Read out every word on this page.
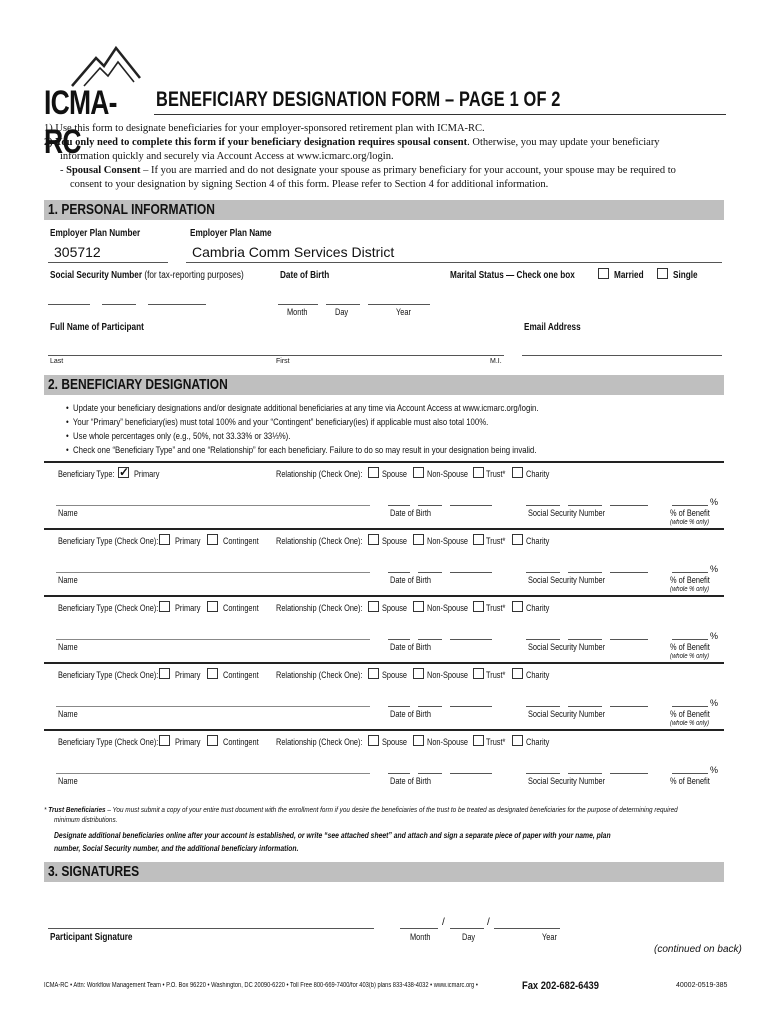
ICMA-RC
BENEFICIARY DESIGNATION FORM – PAGE 1 OF 2
1) Use this form to designate beneficiaries for your employer-sponsored retirement plan with ICMA-RC.
2) You only need to complete this form if your beneficiary designation requires spousal consent. Otherwise, you may update your beneficiary
information quickly and securely via Account Access at www.icmarc.org/login.
- Spousal Consent – If you are married and do not designate your spouse as primary beneficiary for your account, your spouse may be required to
consent to your designation by signing Section 4 of this form. Please refer to Section 4 for additional information.
1. PERSONAL INFORMATION
Employer Plan Number	Employer Plan Name
305712	Cambria Comm Services District
Social Security Number (for tax-reporting purposes)	Date of Birth	Marital Status — Check one box	Married	Single
Month	Day	Year
Full Name of Participant	Email Address
Last	First	M.I.
2. BENEFICIARY DESIGNATION
•  Update your beneficiary designations and/or designate additional beneficiaries at any time via Account Access at www.icmarc.org/login.
•  Your “Primary” beneficiary(ies) must total 100% and your “Contingent” beneficiary(ies) if applicable must also total 100%.
•  Use whole percentages only (e.g., 50%, not 33.33% or 33⅓%).
•  Check one “Beneficiary Type” and one “Relationship” for each beneficiary. Failure to do so may result in your designation being invalid.
Beneficiary Type: ✓ Primary	Relationship (Check One): Spouse Non-Spouse Trust* Charity
%
Name	Date of Birth	Social Security Number	% of Benefit
(whole % only)
Beneficiary Type (Check One): Primary	Contingent Relationship (Check One): Spouse Non-Spouse Trust* Charity
%
Name	Date of Birth	Social Security Number	% of Benefit
(whole % only)
Beneficiary Type (Check One): Primary	Contingent Relationship (Check One): Spouse Non-Spouse Trust* Charity
%
Name	Date of Birth	Social Security Number	% of Benefit
(whole % only)
Beneficiary Type (Check One): Primary	Contingent Relationship (Check One): Spouse Non-Spouse Trust* Charity
%
Name	Date of Birth	Social Security Number	% of Benefit
(whole % only)
Beneficiary Type (Check One): Primary	Contingent Relationship (Check One): Spouse Non-Spouse Trust* Charity
%
Name	Date of Birth	Social Security Number	% of Benefit
* Trust Beneficiaries – You must submit a copy of your entire trust document with the enrollment form if you desire the beneficiaries of the trust to be treated as designated beneficiaries for the purpose of determining required
minimum distributions.
Designate additional beneficiaries online after your account is established, or write “see attached sheet” and attach and sign a separate piece of paper with your name, plan
number, Social Security number, and the additional beneficiary information.
3. SIGNATURES
/	/
Participant Signature	Month	Day	Year
(continued on back)
ICMA-RC • Attn: Workflow Management Team • P.O. Box 96220 • Washington, DC 20090-6220 • Toll Free 800-669-7400/for 403(b) plans 833-438-4032 • www.icmarc.org •	Fax 202-682-6439	40002-0519-385
